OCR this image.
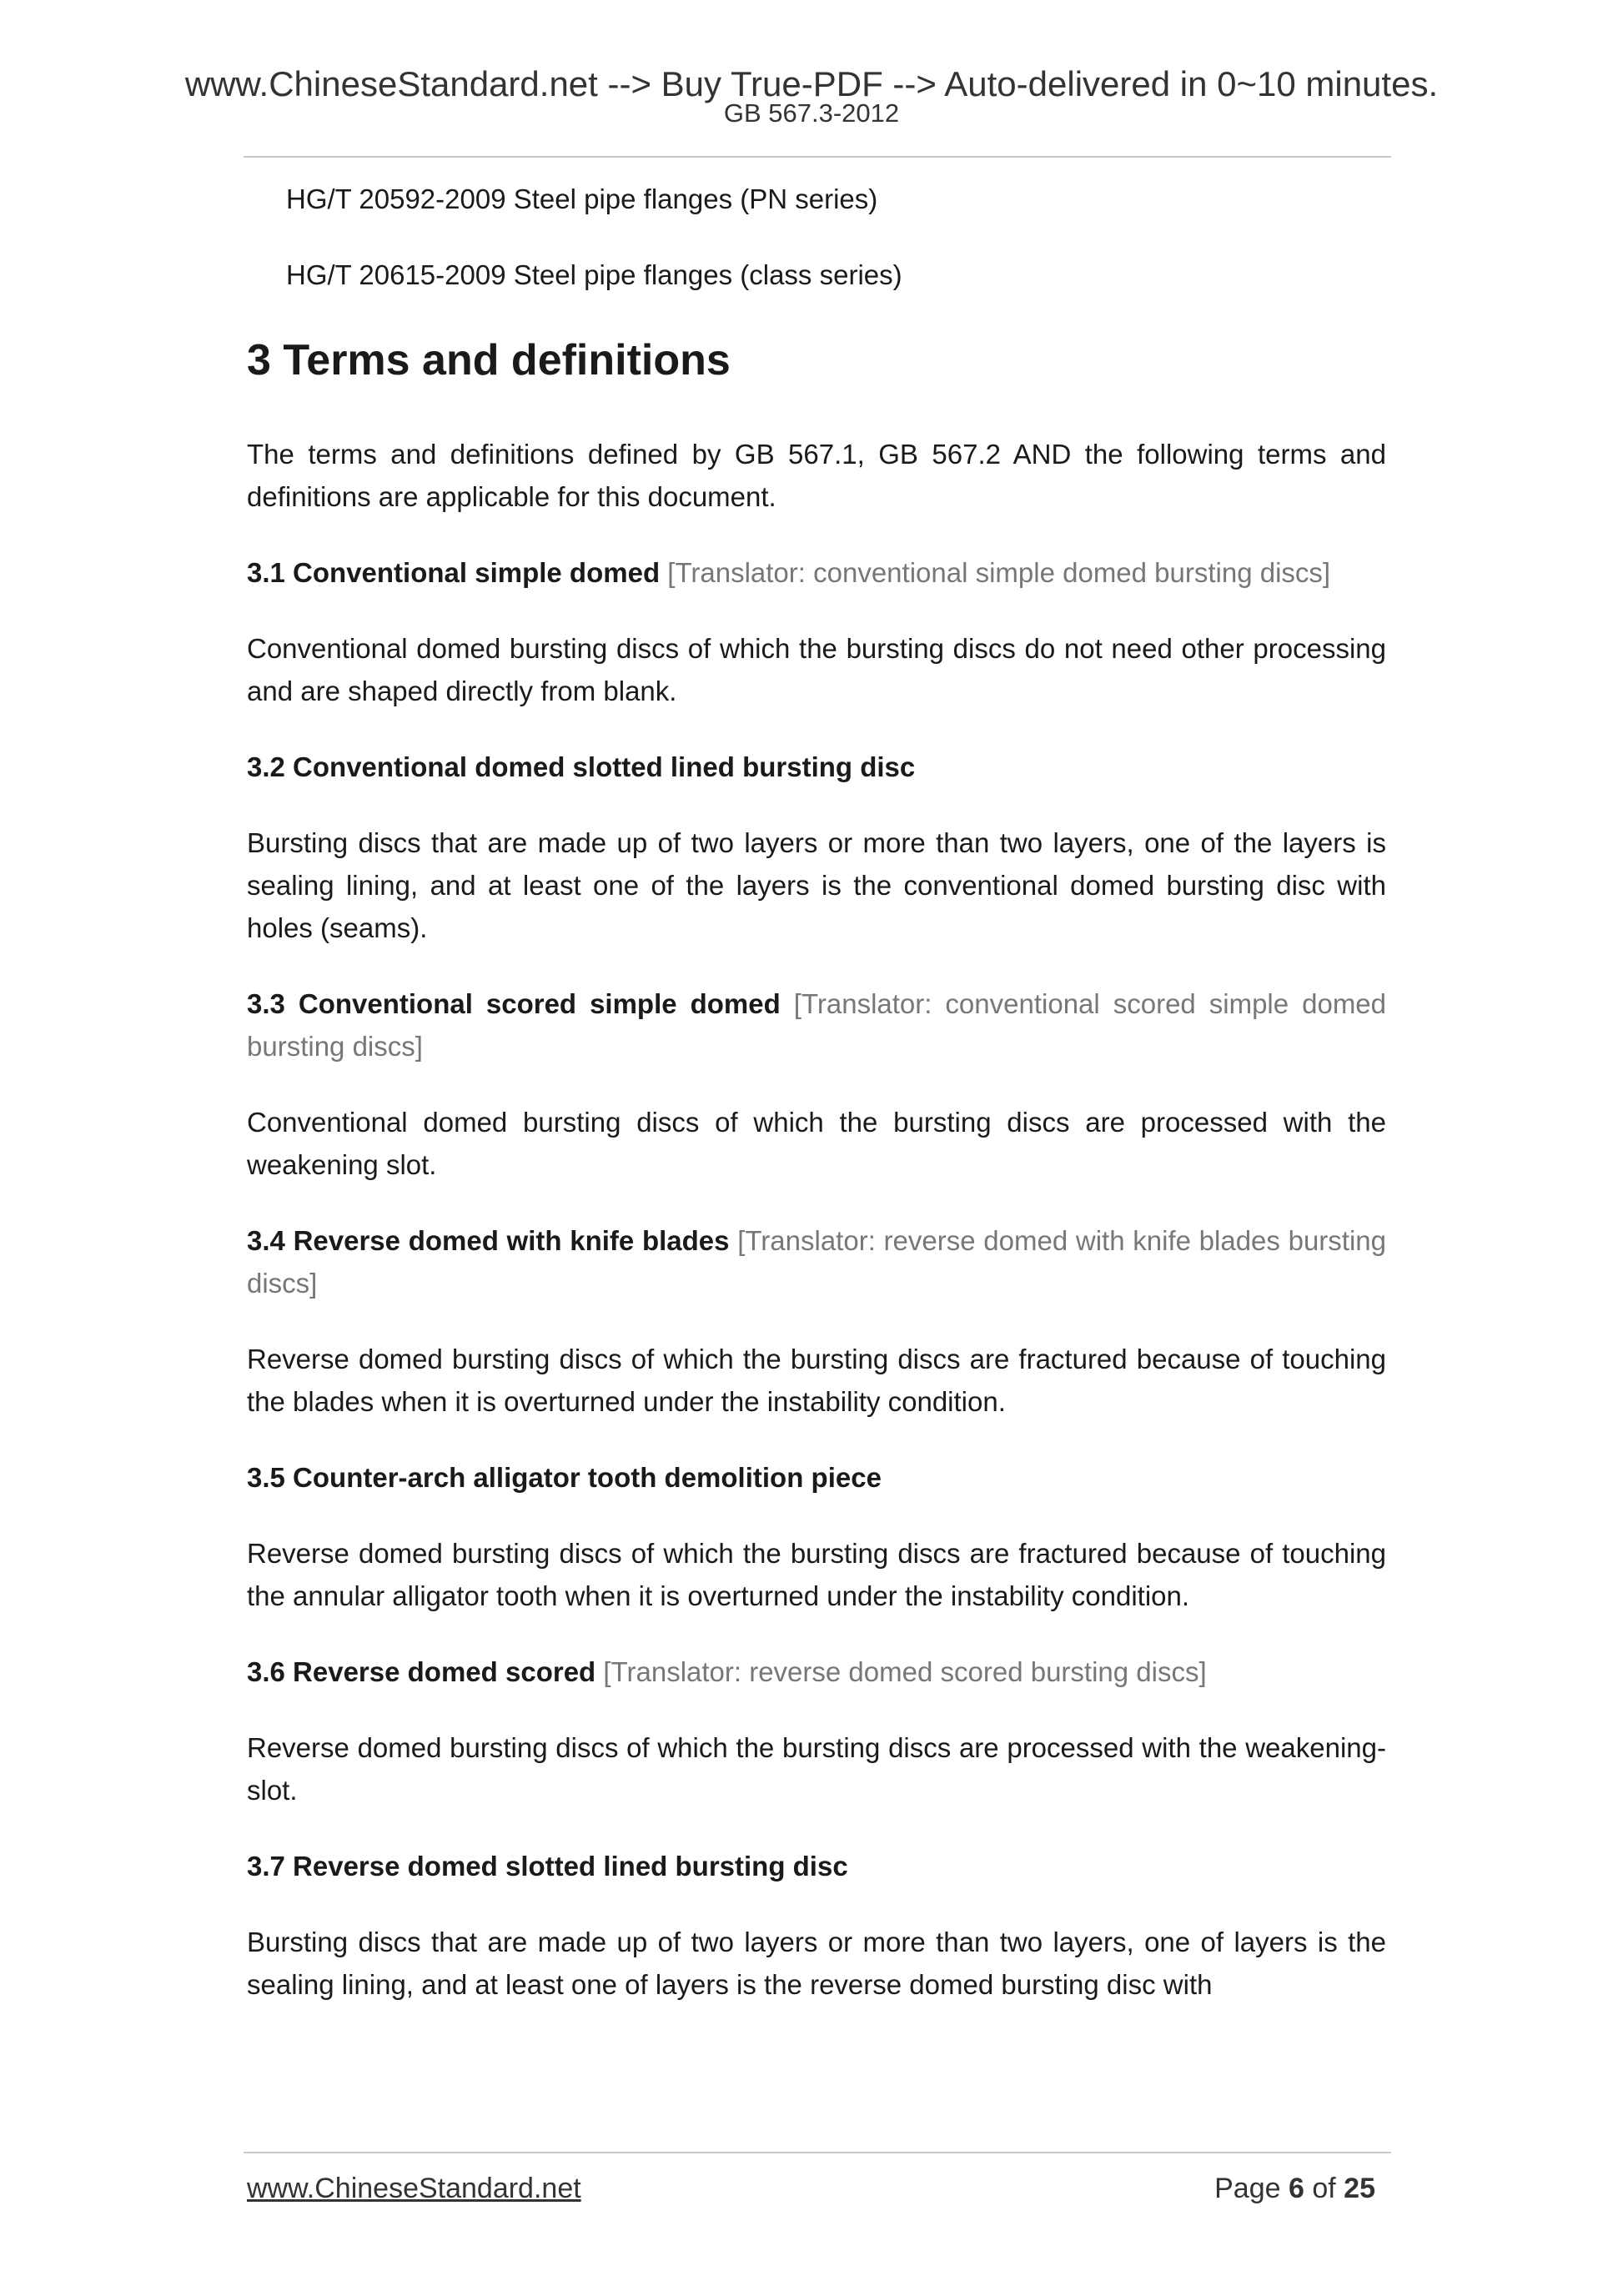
www.ChineseStandard.net --> Buy True-PDF --> Auto-delivered in 0~10 minutes.
GB 567.3-2012
HG/T 20592-2009 Steel pipe flanges (PN series)
HG/T 20615-2009 Steel pipe flanges (class series)
3 Terms and definitions

The terms and definitions defined by GB 567.1, GB 567.2 AND the following terms and definitions are applicable for this document.

3.1 Conventional simple domed [Translator: conventional simple domed bursting discs]

Conventional domed bursting discs of which the bursting discs do not need other processing and are shaped directly from blank.

3.2 Conventional domed slotted lined bursting disc

Bursting discs that are made up of two layers or more than two layers, one of the layers is sealing lining, and at least one of the layers is the conventional domed bursting disc with holes (seams).

3.3 Conventional scored simple domed [Translator: conventional scored simple domed bursting discs]

Conventional domed bursting discs of which the bursting discs are processed with the weakening slot.

3.4 Reverse domed with knife blades [Translator: reverse domed with knife blades bursting discs]

Reverse domed bursting discs of which the bursting discs are fractured because of touching the blades when it is overturned under the instability condition.

3.5 Counter-arch alligator tooth demolition piece

Reverse domed bursting discs of which the bursting discs are fractured because of touching the annular alligator tooth when it is overturned under the instability condition.

3.6 Reverse domed scored [Translator: reverse domed scored bursting discs]

Reverse domed bursting discs of which the bursting discs are processed with the weakening-slot.

3.7 Reverse domed slotted lined bursting disc

Bursting discs that are made up of two layers or more than two layers, one of layers is the sealing lining, and at least one of layers is the reverse domed bursting disc with

www.ChineseStandard.net	Page 6 of 25
